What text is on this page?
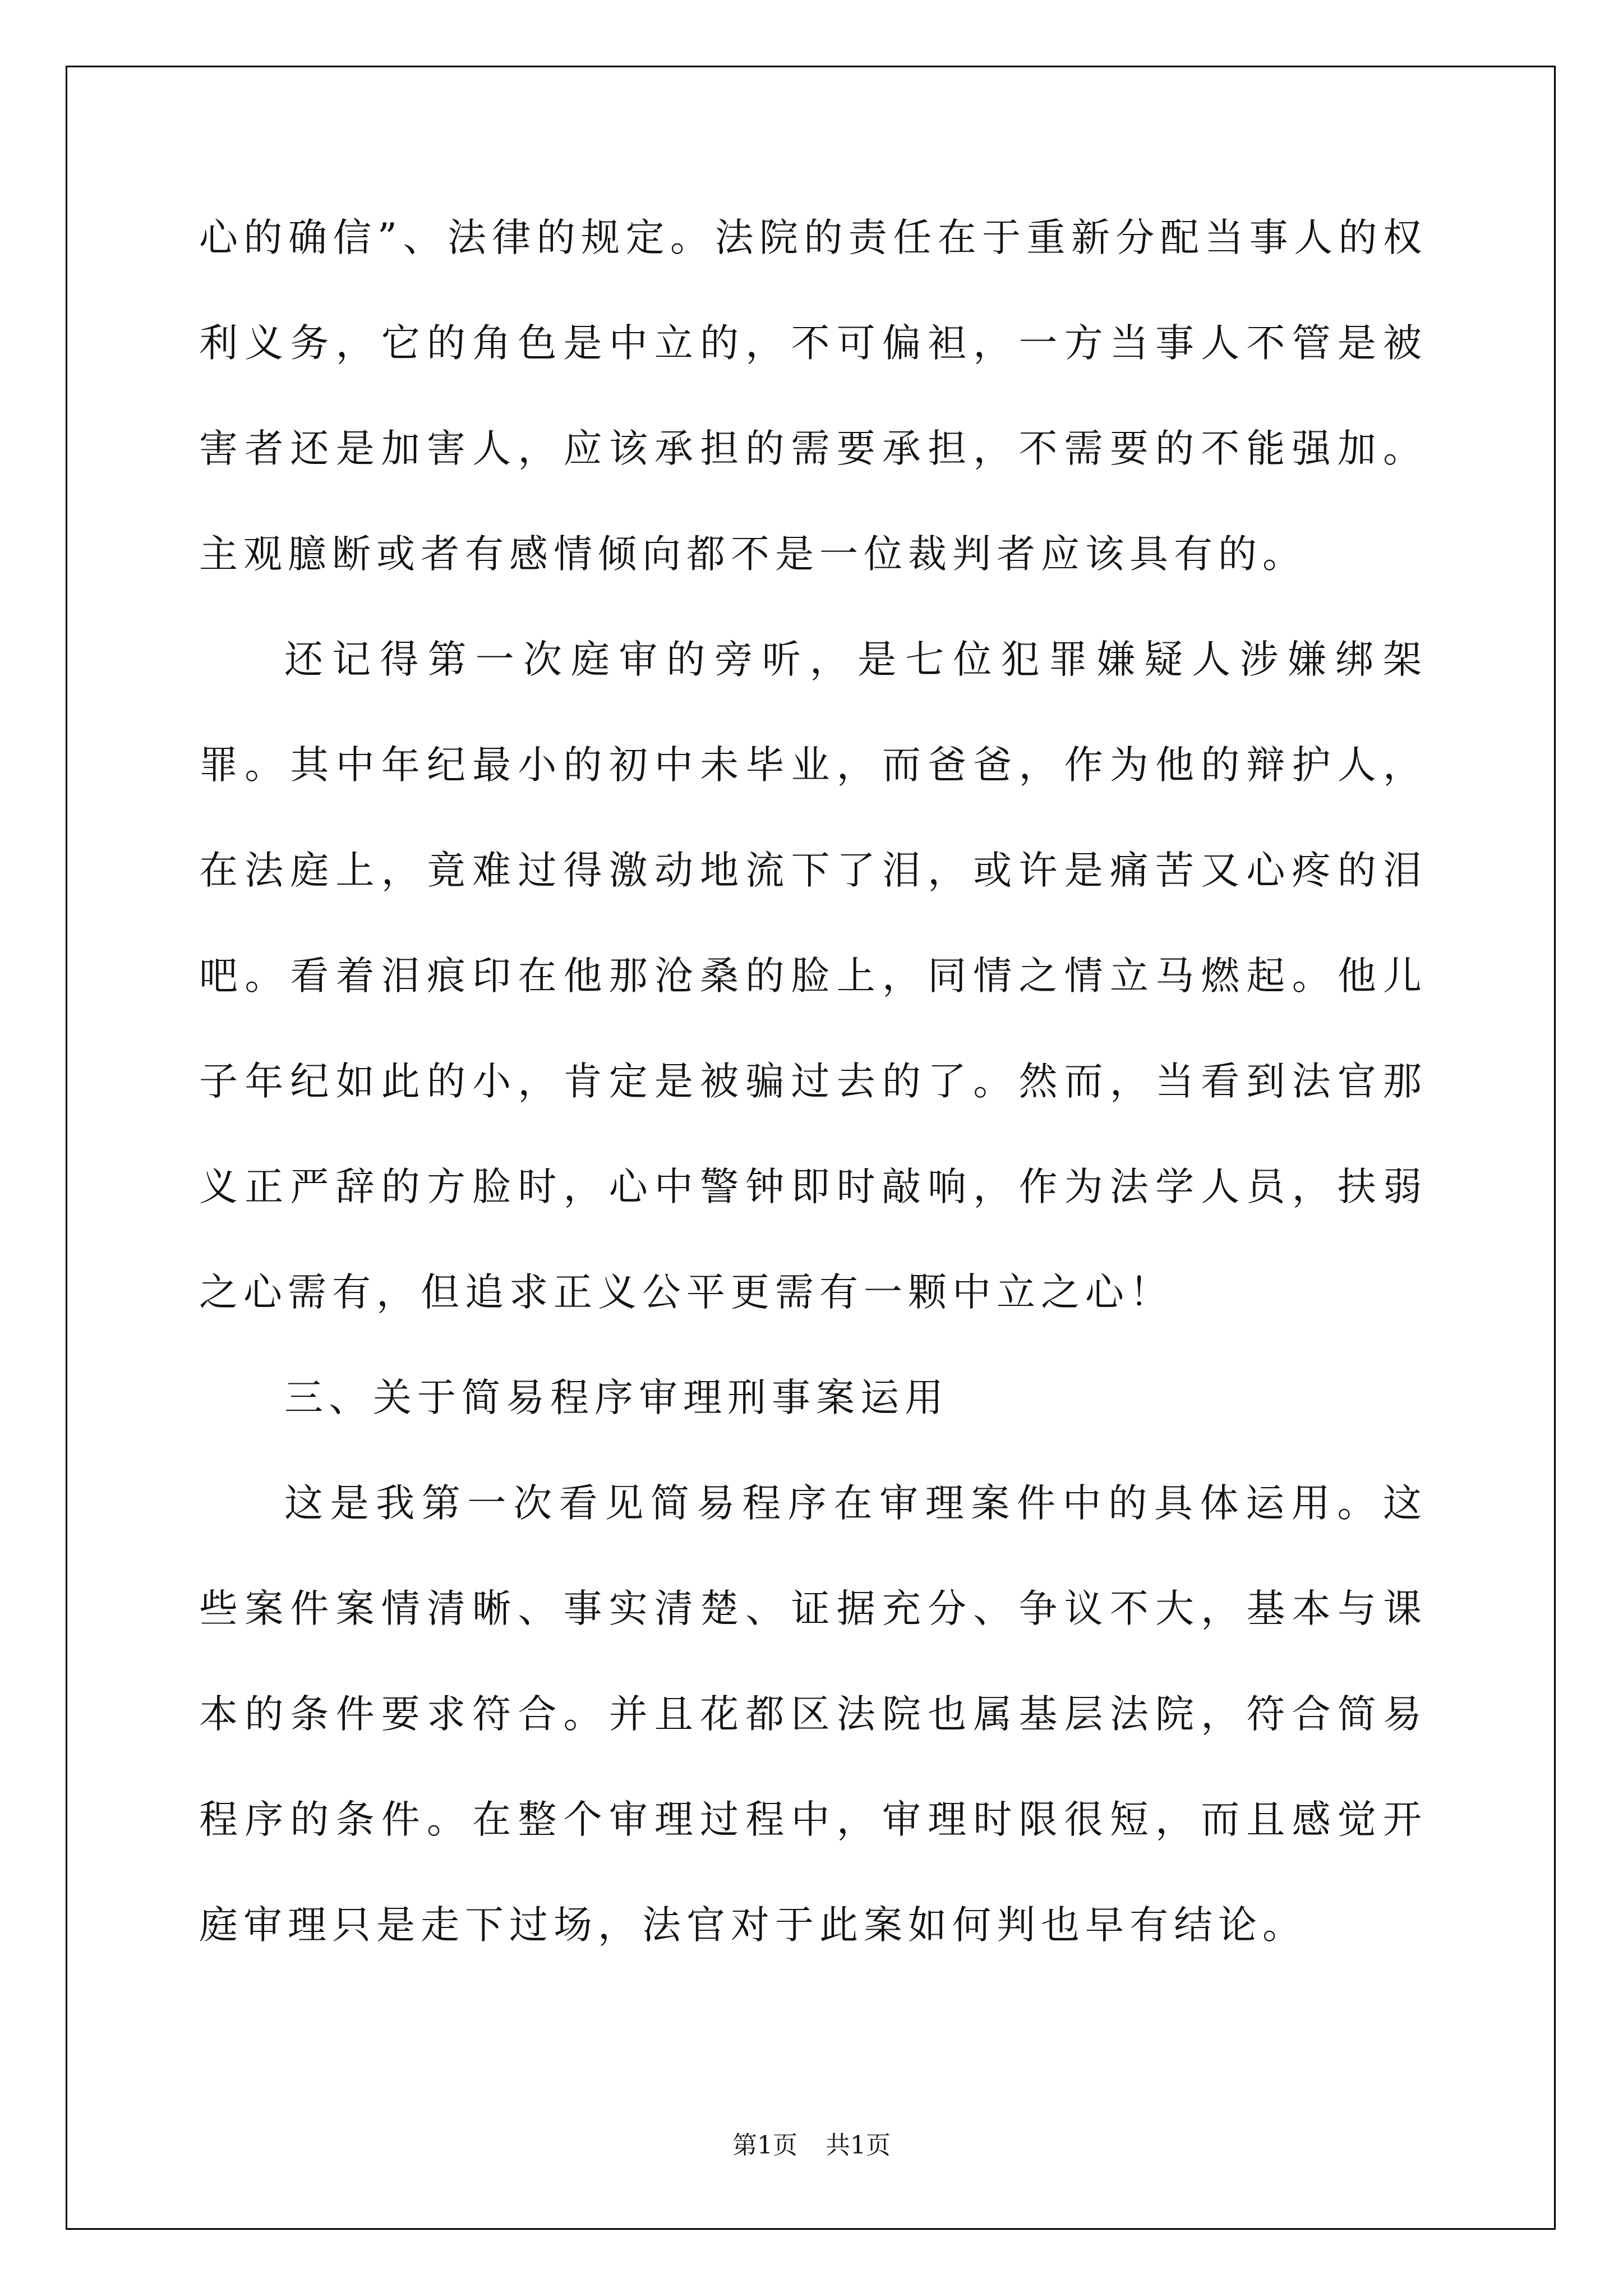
心的确信”、法律的规定。法院的责任在于重新分配当事人的权利义务，它的角色是中立的，不可偏袒，一方当事人不管是被害者还是加害人，应该承担的需要承担，不需要的不能强加。主观臆断或者有感情倾向都不是一位裁判者应该具有的。

还记得第一次庭审的旁听，是七位犯罪嫌疑人涉嫌绑架罪。其中年纪最小的初中未毕业，而爸爸，作为他的辩护人，在法庭上，竟难过得激动地流下了泪，或许是痛苦又心疼的泪吧。看着泪痕印在他那沧桑的脸上，同情之情立马燃起。他儿子年纪如此的小，肯定是被骗过去的了。然而，当看到法官那义正严辞的方脸时，心中警钟即时敲响，作为法学人员，扶弱之心需有，但追求正义公平更需有一颗中立之心！

三、关于简易程序审理刑事案运用

这是我第一次看见简易程序在审理案件中的具体运用。这些案件案情清晰、事实清楚、证据充分、争议不大，基本与课本的条件要求符合。并且花都区法院也属基层法院，符合简易程序的条件。在整个审理过程中，审理时限很短，而且感觉开庭审理只是走下过场，法官对于此案如何判也早有结论。

第1页 共1页
